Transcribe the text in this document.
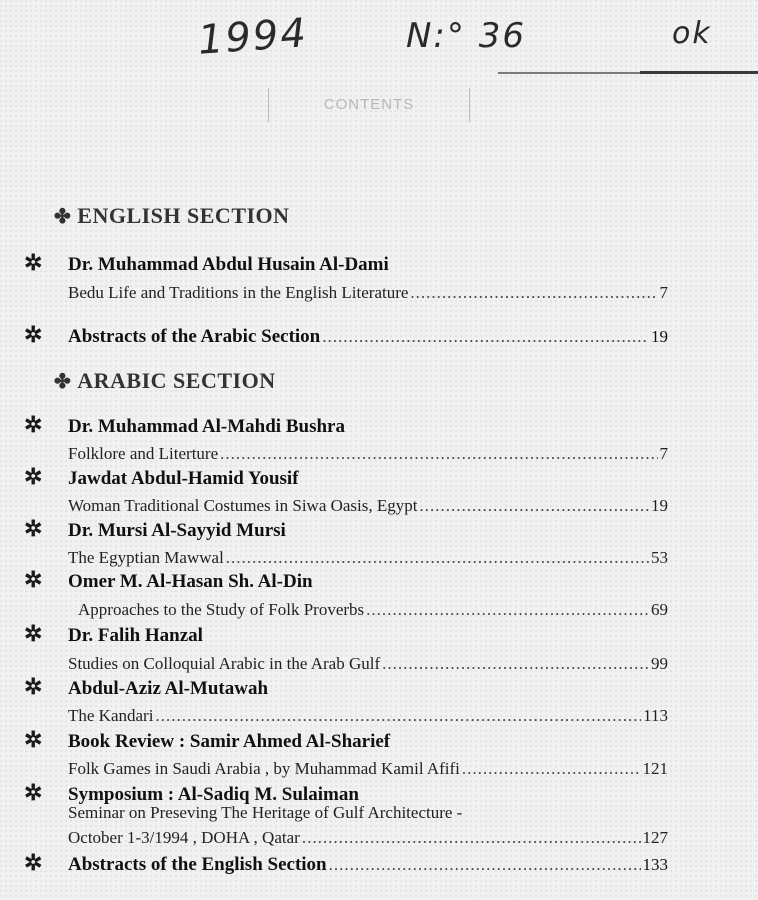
1994	N:° 36	ok
CONTENTS
✤ ENGLISH SECTION
✲ Dr. Muhammad Abdul Husain Al-Dami
Bedu Life and Traditions in the English Literature .....	7
✲ Abstracts of the Arabic Section .....	19
✤ ARABIC SECTION
✲ Dr. Muhammad Al-Mahdi Bushra
Folklore and Literture .....	7
✲ Jawdat Abdul-Hamid Yousif
Woman Traditional Costumes in Siwa Oasis, Egypt .....	19
✲ Dr. Mursi Al-Sayyid Mursi
The Egyptian Mawwal .....	53
✲ Omer M. Al-Hasan Sh. Al-Din
Approaches to the Study of Folk Proverbs .....	69
✲ Dr. Falih Hanzal
Studies on Colloquial Arabic in the Arab Gulf .....	99
✲ Abdul-Aziz Al-Mutawah
The Kandari .....	113
✲ Book Review : Samir Ahmed Al-Sharief
Folk Games in Saudi Arabia , by Muhammad Kamil Afifi .....	121
✲ Symposium : Al-Sadiq M. Sulaiman
Seminar on Preseving The Heritage of Gulf Architecture -
October 1-3/1994 , DOHA , Qatar .....	127
✲ Abstracts of the English Section .....	133
